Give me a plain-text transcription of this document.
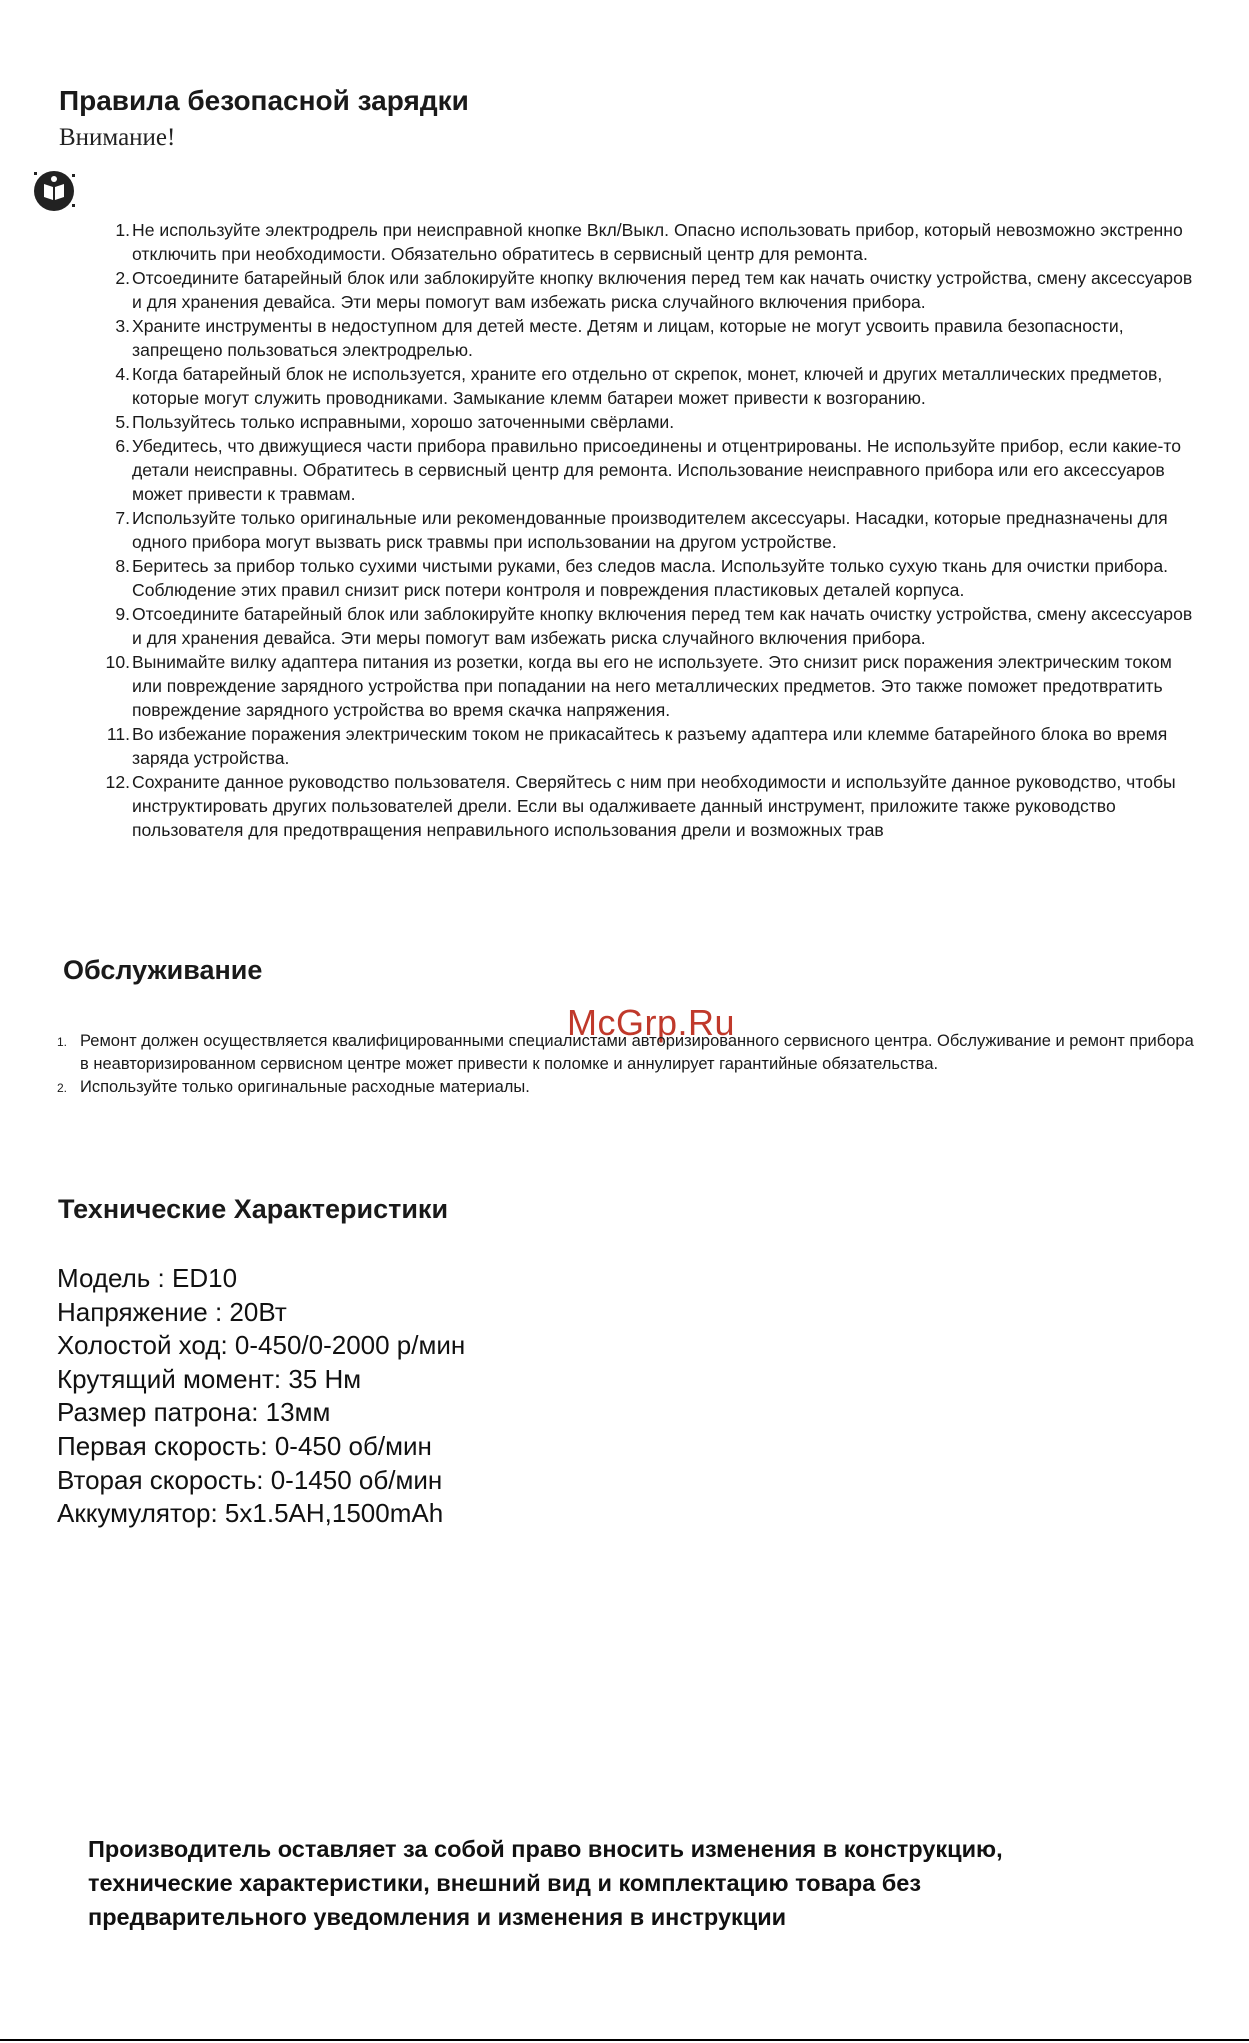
Правила безопасной зарядки
Внимание!
1. Не используйте электродрель при неисправной кнопке Вкл/Выкл. Опасно использовать прибор, который невозможно экстренно отключить при необходимости. Обязательно обратитесь в сервисный центр для ремонта.
2. Отсоедините батарейный блок или заблокируйте кнопку включения перед тем как начать очистку устройства, смену аксессуаров и для хранения девайса. Эти меры помогут вам избежать риска случайного включения прибора.
3. Храните инструменты в недоступном для детей месте. Детям и лицам, которые не могут усвоить правила безопасности, запрещено пользоваться электродрелью.
4. Когда батарейный блок не используется, храните его отдельно от скрепок, монет, ключей и других металлических предметов, которые могут служить проводниками. Замыкание клемм батареи может привести к возгоранию.
5. Пользуйтесь только исправными, хорошо заточенными свёрлами.
6. Убедитесь, что движущиеся части прибора правильно присоединены и отцентрированы. Не используйте прибор, если какие-то детали неисправны. Обратитесь в сервисный центр для ремонта. Использование неисправного прибора или его аксессуаров может привести к травмам.
7. Используйте только оригинальные или рекомендованные производителем аксессуары. Насадки, которые предназначены для одного прибора могут вызвать риск травмы при использовании на другом устройстве.
8. Беритесь за прибор только сухими чистыми руками, без следов масла. Используйте только сухую ткань для очистки прибора. Соблюдение этих правил снизит риск потери контроля и повреждения пластиковых деталей корпуса.
9. Отсоедините батарейный блок или заблокируйте кнопку включения перед тем как начать очистку устройства, смену аксессуаров и для хранения девайса. Эти меры помогут вам избежать риска случайного включения прибора.
10. Вынимайте вилку адаптера питания из розетки, когда вы его не используете. Это снизит риск поражения электрическим током или повреждение зарядного устройства при попадании на него металлических предметов. Это также поможет предотвратить повреждение зарядного устройства во время скачка напряжения.
11. Во избежание поражения электрическим током не прикасайтесь к разъему адаптера или клемме батарейного блока во время заряда устройства.
12. Сохраните данное руководство пользователя. Сверяйтесь с ним при необходимости и используйте данное руководство, чтобы инструктировать других пользователей дрели. Если вы одалживаете данный инструмент, приложите также руководство пользователя для предотвращения неправильного использования дрели и возможных трав
Обслуживание
McGrp.Ru
1. Ремонт должен осуществляется квалифицированными специалистами авторизированного сервисного центра. Обслуживание и ремонт прибора в неавторизированном сервисном центре может привести к поломке и аннулирует гарантийные обязательства.
2. Используйте только оригинальные расходные материалы.
Технические Характеристики
Модель : ED10
Напряжение : 20Вт
Холостой ход: 0-450/0-2000 р/мин
Крутящий момент: 35 Нм
Размер патрона: 13мм
Первая скорость: 0-450 об/мин
Вторая скорость: 0-1450 об/мин
Аккумулятор: 5х1.5AH,1500mAh
Производитель оставляет за собой право вносить изменения в конструкцию, технические характеристики, внешний вид и комплектацию товара без предварительного уведомления и изменения в инструкции
